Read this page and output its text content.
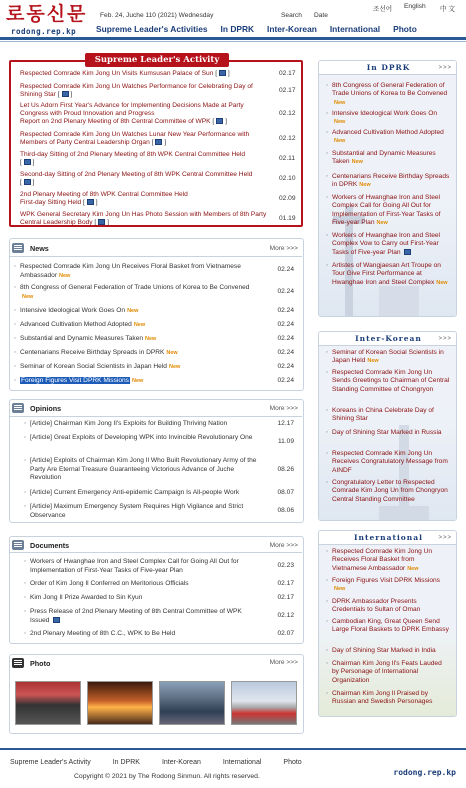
로동신문
rodong.rep.kp
Feb. 24, Juche 110 (2021) Wednesday
조선어 English 中 文
Search Date
Supreme Leader's Activities In DPRK Inter-Korean International Photo
Supreme Leader's Activity
Respected Comrade Kim Jong Un Visits Kumsusan Palace of Sun [ ]	02.17
Respected Comrade Kim Jong Un Watches Performance for Celebrating Day of Shining Star [ ]
02.17
Let Us Adorn First Year's Advance for Implementing Decisions Made at Party Congress with Proud Innovation and Progress
Report on 2nd Plenary Meeting of 8th Central Committee of WPK [ ]
02.12
Respected Comrade Kim Jong Un Watches Lunar New Year Performance with Members of Party Central Leadership Organ [ ]
02.12
Third-day Sitting of 2nd Plenary Meeting of 8th WPK Central Committee Held
[ ]
02.11
Second-day Sitting of 2nd Plenary Meeting of 8th WPK Central Committee Held
[ ]
02.10
2nd Plenary Meeting of 8th WPK Central Committee Held
First-day Sitting Held [ ]
02.09
WPK General Secretary Kim Jong Un Has Photo Session with Members of 8th Party Central Leadership Body [ ]
01.19
News	More >>>
◦ Respected Comrade Kim Jong Un Receives Floral Basket from Vietnamese Ambassador New
02.24
◦ 8th Congress of General Federation of Trade Unions of Korea to Be ConvenedNew
02.24
◦ Intensive Ideological Work Goes On New	02.24
◦ Advanced Cultivation Method Adopted New	02.24
◦ Substantial and Dynamic Measures Taken New	02.24
◦ Centenarians Receive Birthday Spreads in DPRK New	02.24
◦ Seminar of Korean Social Scientists in Japan Held New	02.24
◦ Foreign Figures Visit DPRK Missions New	02.24
Opinions	More >>>
◦ [Article] Chairman Kim Jong Il's Exploits for Building Thriving Nation	12.17
◦ [Article] Great Exploits of Developing WPK into Invincible Revolutionary One
11.09
◦ [Article] Exploits of Chairman Kim Jong Il Who Built Revolutionary Army of the Party Are Eternal Treasure Guaranteeing Victorious Advance of Juche Revolution
08.26
◦ [Article] Current Emergency Anti-epidemic Campaign Is All-people Work	08.07
◦ [Article] Maximum Emergency System Requires High Vigilance and Strict Observance
08.06
Documents	More >>>
◦ Workers of Hwanghae Iron and Steel Complex Call for Going All Out for Implementation of First-Year Tasks of Five-year Plan
02.23
◦ Order of Kim Jong Il Conferred on Meritorious Officials	02.17
◦ Kim Jong Il Prize Awarded to Sin Kyun	02.17
◦ Press Release of 2nd Plenary Meeting of 8th Central Committee of WPK Issued
02.12
◦ 2nd Plenary Meeting of 8th C.C., WPK to Be Held	02.07
Photo	More >>>
In DPRK	>>>
◦ 8th Congress of General Federation of Trade Unions of Korea to Be ConvenedNew
◦ Intensive Ideological Work Goes OnNew
◦ Advanced Cultivation Method AdoptedNew
◦ Substantial and Dynamic Measures Taken New
◦ Centenarians Receive Birthday Spreads in DPRK New
◦ Workers of Hwanghae Iron and Steel Complex Call for Going All Out for Implementation of First-Year Tasks of Five-year Plan New
◦ Workers of Hwanghae Iron and Steel Complex Vow to Carry out First-Year Tasks of Five-year Plan
◦ Artistes of Wangjaesan Art Troupe on Tour Give First Performance at Hwanghae Iron and Steel Complex New
Inter-Korean	>>>
◦ Seminar of Korean Social Scientists in Japan Held New
◦ Respected Comrade Kim Jong Un Sends Greetings to Chairman of Central Standing Committee of Chongryon
◦ Koreans in China Celebrate Day of Shining Star
◦ Day of Shining Star Marked in Russia
◦ Respected Comrade Kim Jong Un Receives Congratulatory Message from AINDF
◦ Congratulatory Letter to Respected Comrade Kim Jong Un from Chongryon Central Standing Committee
International	>>>
◦ Respected Comrade Kim Jong Un Receives Floral Basket from Vietnamese Ambassador New
◦ Foreign Figures Visit DPRK MissionsNew
◦ DPRK Ambassador Presents Credentials to Sultan of Oman
◦ Cambodian King, Great Queen Send Large Floral Baskets to DPRK Embassy
◦ Day of Shining Star Marked in India
◦ Chairman Kim Jong Il's Feats Lauded by Personage of International Organization
◦ Chairman Kim Jong Il Praised by Russian and Swedish Personages
Supreme Leader's Activity	In DPRK	Inter-Korean	International	Photo
rodong.rep.kp
Copyright © 2021 by The Rodong Sinmun. All rights reserved.
